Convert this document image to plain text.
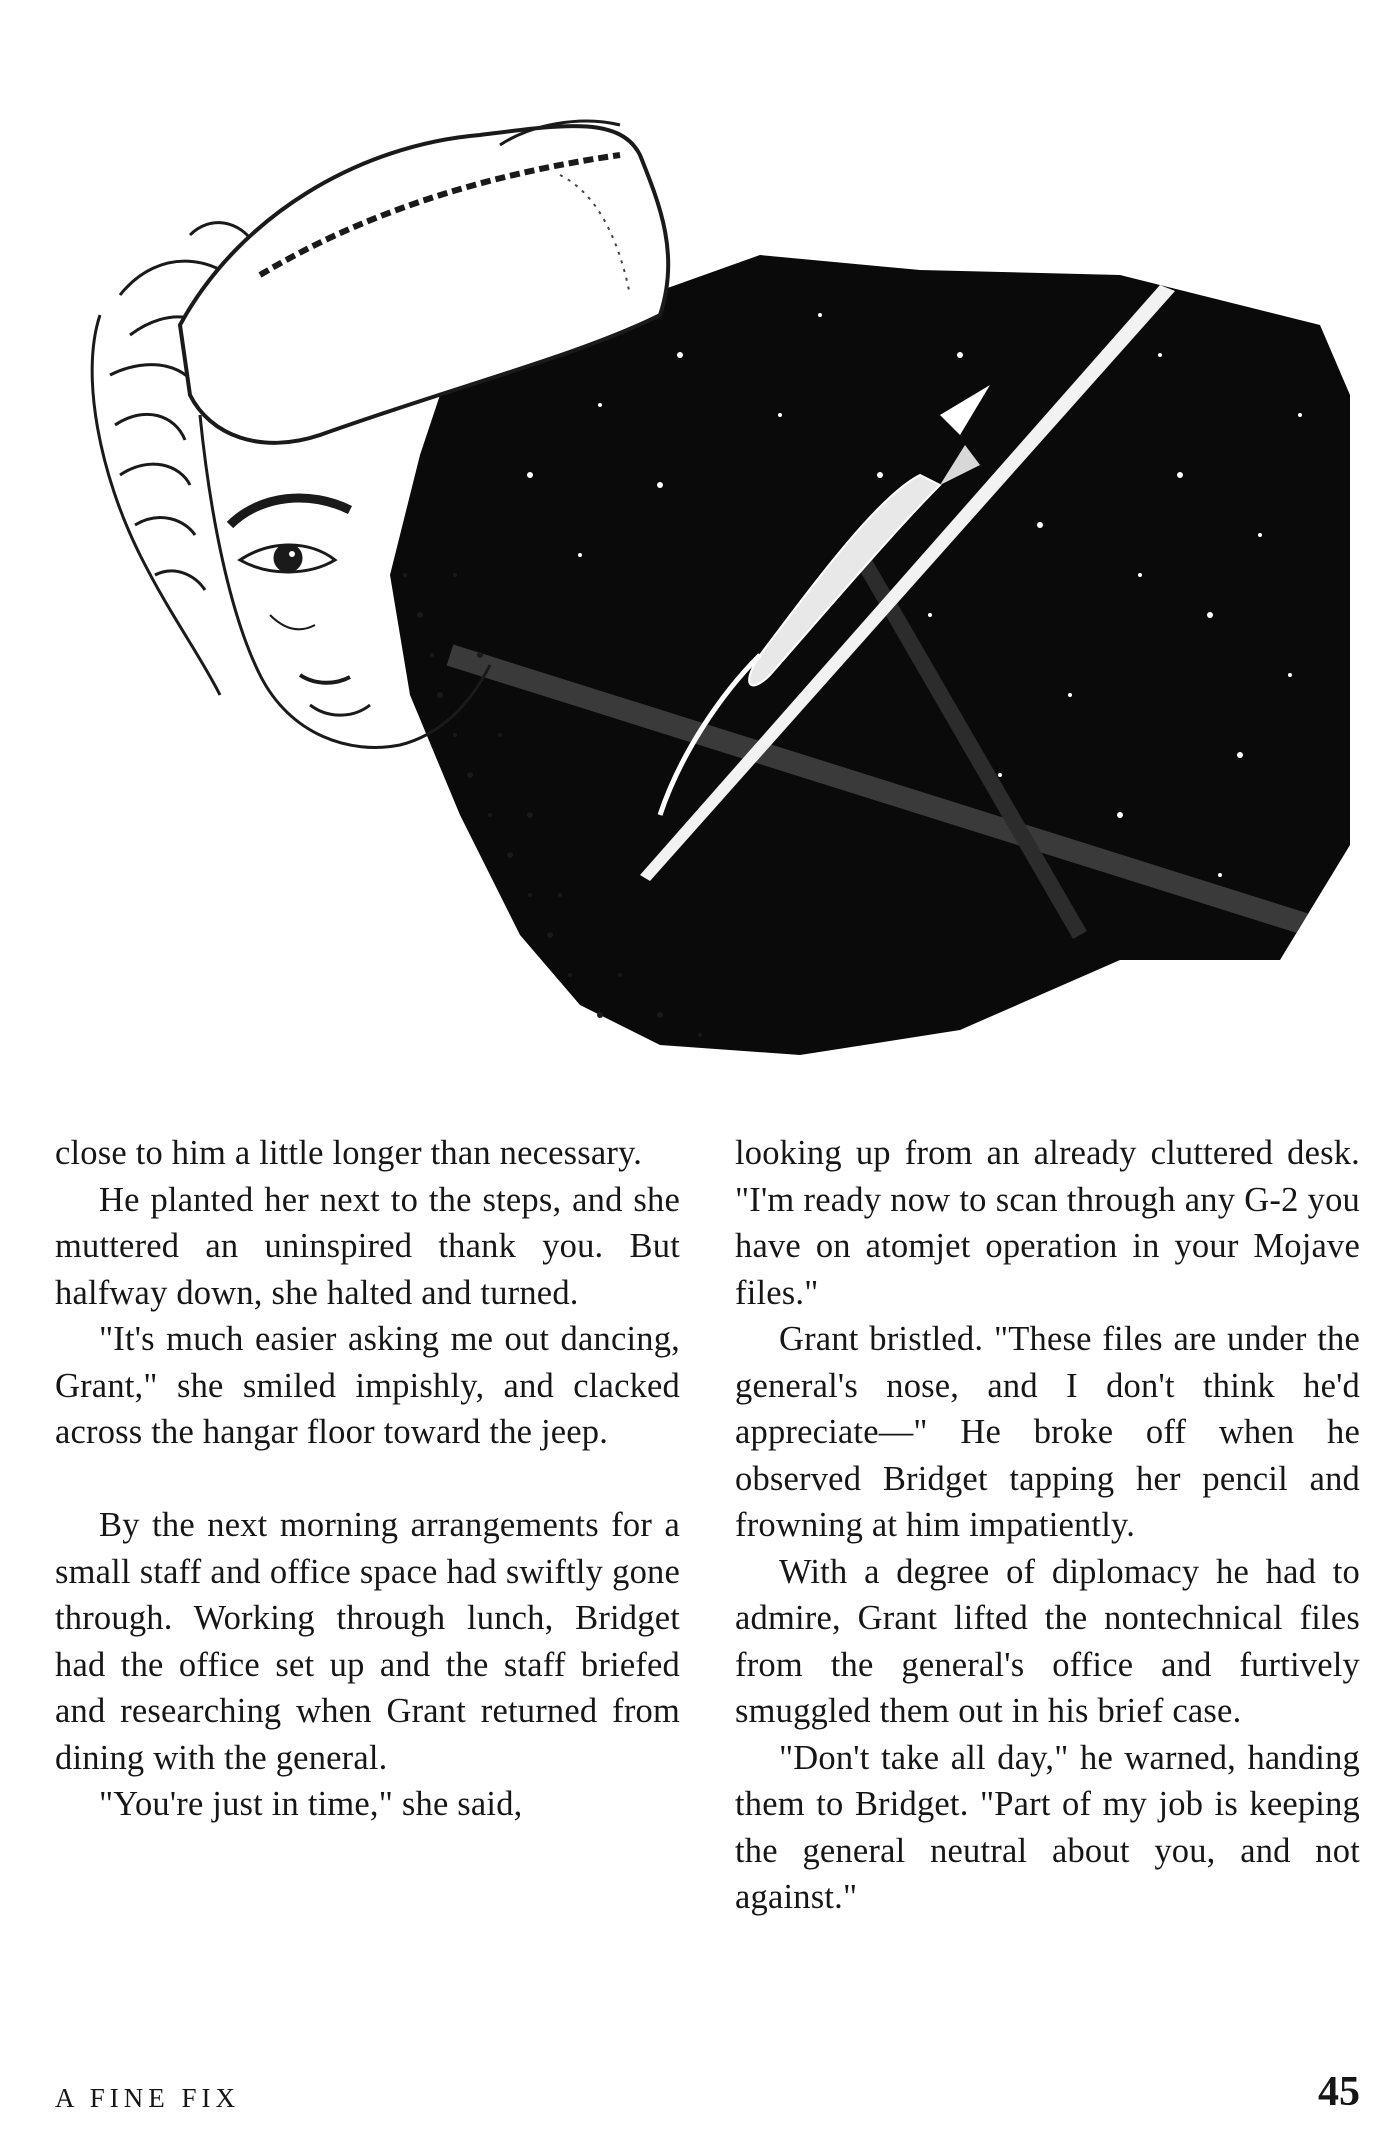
close to him a little longer than necessary.

He planted her next to the steps, and she muttered an uninspired thank you. But halfway down, she halted and turned.

"It's much easier asking me out dancing, Grant," she smiled impishly, and clacked across the hangar floor toward the jeep.

By the next morning arrangements for a small staff and office space had swiftly gone through. Working through lunch, Bridget had the office set up and the staff briefed and researching when Grant returned from dining with the general.

"You're just in time," she said,

looking up from an already cluttered desk. "I'm ready now to scan through any G-2 you have on atomjet operation in your Mojave files."

Grant bristled. "These files are under the general's nose, and I don't think he'd appreciate—" He broke off when he observed Bridget tapping her pencil and frowning at him impatiently.

With a degree of diplomacy he had to admire, Grant lifted the nontechnical files from the general's office and furtively smuggled them out in his brief case.

"Don't take all day," he warned, handing them to Bridget. "Part of my job is keeping the general neutral about you, and not against."

A FINE FIX	45
